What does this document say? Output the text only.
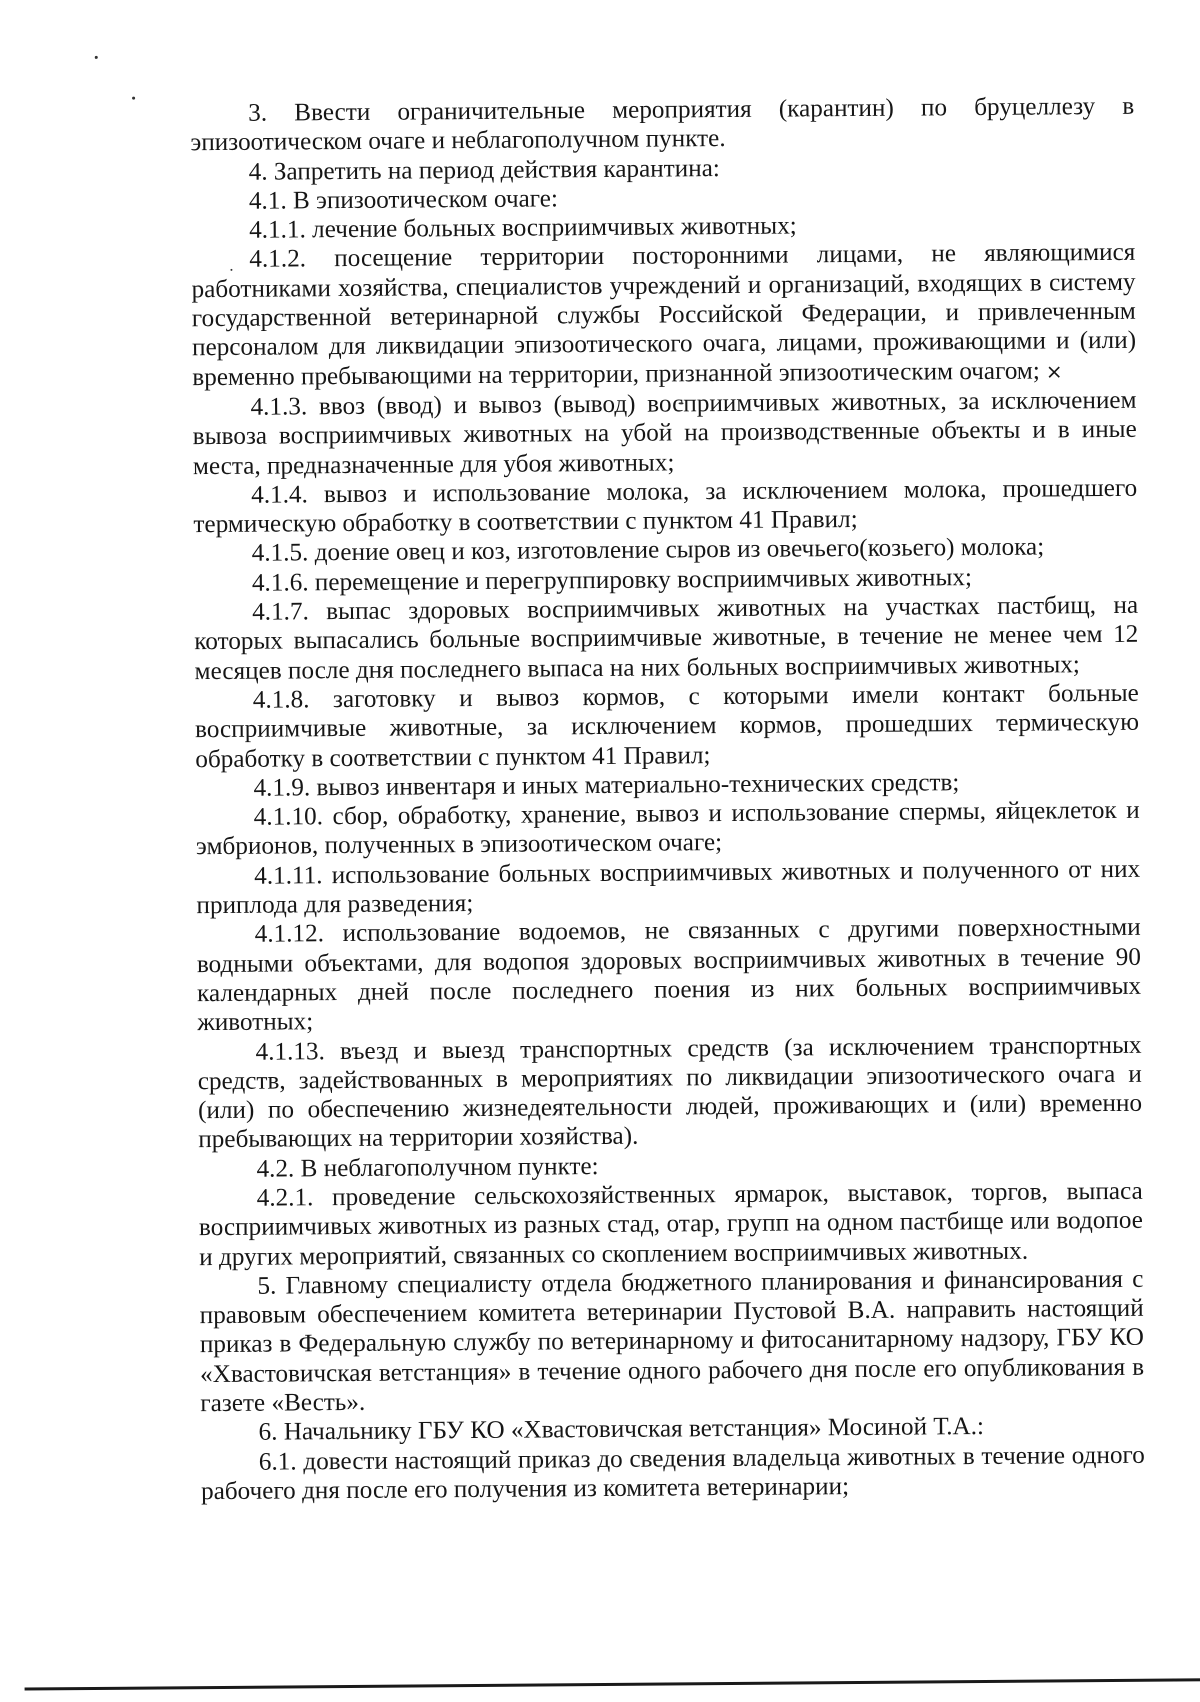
3. Ввести ограничительные мероприятия (карантин) по бруцеллезу в эпизоотическом очаге и неблагополучном пункте.

4. Запретить на период действия карантина:

4.1. В эпизоотическом очаге:

4.1.1. лечение больных восприимчивых животных;

4.1.2. посещение территории посторонними лицами, не являющимися работниками хозяйства, специалистов учреждений и организаций, входящих в систему государственной ветеринарной службы Российской Федерации, и привлеченным персоналом для ликвидации эпизоотического очага, лицами, проживающими и (или) временно пребывающими на территории, признанной эпизоотическим очагом; ×

4.1.3. ввоз (ввод) и вывоз (вывод) восприимчивых животных, за исключением вывоза восприимчивых животных на убой на производственные объекты и в иные места, предназначенные для убоя животных;

4.1.4. вывоз и использование молока, за исключением молока, прошедшего термическую обработку в соответствии с пунктом 41 Правил;

4.1.5. доение овец и коз, изготовление сыров из овечьего(козьего) молока;

4.1.6. перемещение и перегруппировку восприимчивых животных;

4.1.7. выпас здоровых восприимчивых животных на участках пастбищ, на которых выпасались больные восприимчивые животные, в течение не менее чем 12 месяцев после дня последнего выпаса на них больных восприимчивых животных;

4.1.8. заготовку и вывоз кормов, с которыми имели контакт больные восприимчивые животные, за исключением кормов, прошедших термическую обработку в соответствии с пунктом 41 Правил;

4.1.9. вывоз инвентаря и иных материально-технических средств;

4.1.10. сбор, обработку, хранение, вывоз и использование спермы, яйцеклеток и эмбрионов, полученных в эпизоотическом очаге;

4.1.11. использование больных восприимчивых животных и полученного от них приплода для разведения;

4.1.12. использование водоемов, не связанных с другими поверхностными водными объектами, для водопоя здоровых восприимчивых животных в течение 90 календарных дней после последнего поения из них больных восприимчивых животных;

4.1.13. въезд и выезд транспортных средств (за исключением транспортных средств, задействованных в мероприятиях по ликвидации эпизоотического очага и (или) по обеспечению жизнедеятельности людей, проживающих и (или) временно пребывающих на территории хозяйства).

4.2. В неблагополучном пункте:

4.2.1. проведение сельскохозяйственных ярмарок, выставок, торгов, выпаса восприимчивых животных из разных стад, отар, групп на одном пастбище или водопое и других мероприятий, связанных со скоплением восприимчивых животных.

5. Главному специалисту отдела бюджетного планирования и финансирования с правовым обеспечением комитета ветеринарии Пустовой В.А. направить настоящий приказ в Федеральную службу по ветеринарному и фитосанитарному надзору, ГБУ КО «Хвастовичская ветстанция» в течение одного рабочего дня после его опубликования в газете «Весть».

6. Начальнику ГБУ КО «Хвастовичская ветстанция» Мосиной Т.А.:

6.1. довести настоящий приказ до сведения владельца животных в течение одного рабочего дня после его получения из комитета ветеринарии;
